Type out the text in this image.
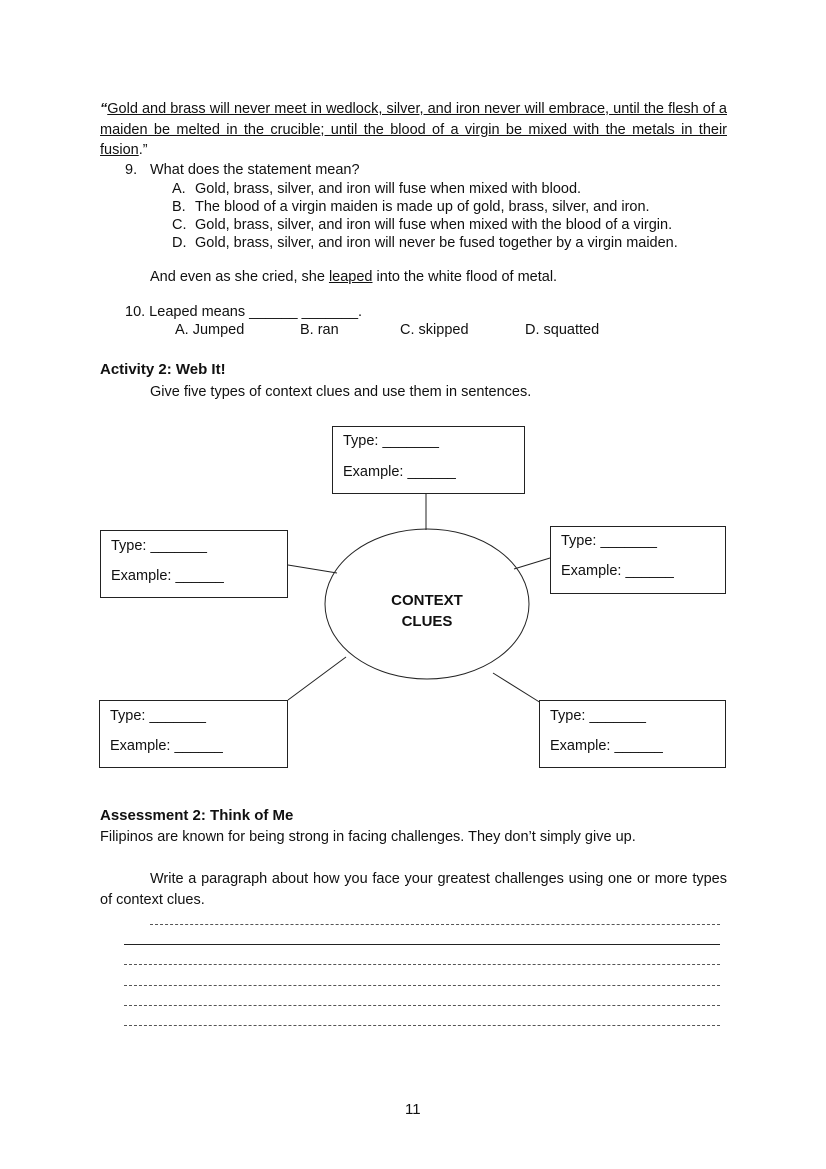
“Gold and brass will never meet in wedlock, silver, and iron never will embrace, until the flesh of a maiden be melted in the crucible; until the blood of a virgin be mixed with the metals in their fusion.”
9. What does the statement mean?
A. Gold, brass, silver, and iron will fuse when mixed with blood.
B. The blood of a virgin maiden is made up of gold, brass, silver, and iron.
C. Gold, brass, silver, and iron will fuse when mixed with the blood of a virgin.
D. Gold, brass, silver, and iron will never be fused together by a virgin maiden.
And even as she cried, she leaped into the white flood of metal.
10. Leaped means ______ _______.
A. Jumped	B. ran	C. skipped	D. squatted
Activity 2: Web It!
Give five types of context clues and use them in sentences.
CONTEXT
CLUES
Type: _______
Example: ______
Type: _______
Example: ______
Type: _______
Example: ______
Type: _______
Example: ______
Type: _______
Example: ______
Assessment 2: Think of Me
Filipinos are known for being strong in facing challenges. They don’t simply give up.
Write a paragraph about how you face your greatest challenges using one or more types of context clues.
11
